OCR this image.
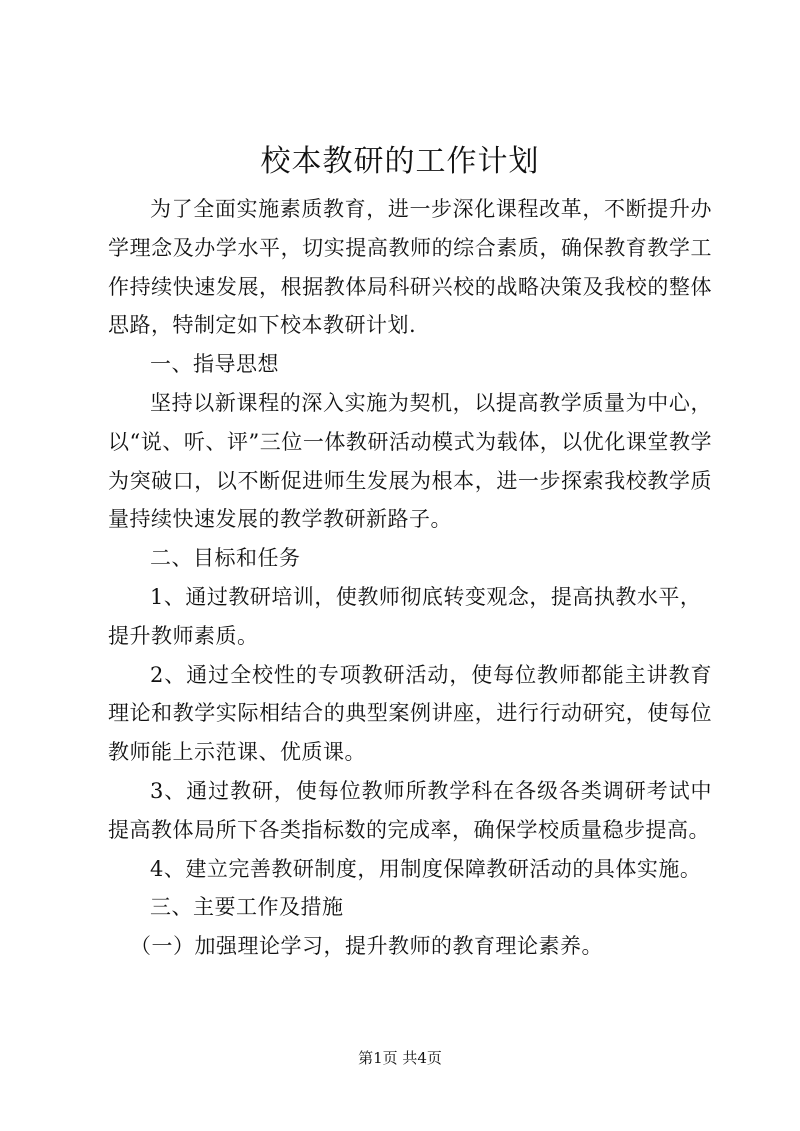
校本教研的工作计划

为了全面实施素质教育，进一步深化课程改革，不断提升办学理念及办学水平，切实提高教师的综合素质，确保教育教学工作持续快速发展，根据教体局科研兴校的战略决策及我校的整体思路，特制定如下校本教研计划.

一、指导思想

坚持以新课程的深入实施为契机，以提高教学质量为中心，以“说、听、评”三位一体教研活动模式为载体，以优化课堂教学为突破口，以不断促进师生发展为根本，进一步探索我校教学质量持续快速发展的教学教研新路子。

二、目标和任务

1、通过教研培训，使教师彻底转变观念，提高执教水平，提升教师素质。

2、通过全校性的专项教研活动，使每位教师都能主讲教育理论和教学实际相结合的典型案例讲座，进行行动研究，使每位教师能上示范课、优质课。

3、通过教研，使每位教师所教学科在各级各类调研考试中提高教体局所下各类指标数的完成率，确保学校质量稳步提高。

4、建立完善教研制度，用制度保障教研活动的具体实施。

三、主要工作及措施

（一）加强理论学习，提升教师的教育理论素养。

第1页 共4页
